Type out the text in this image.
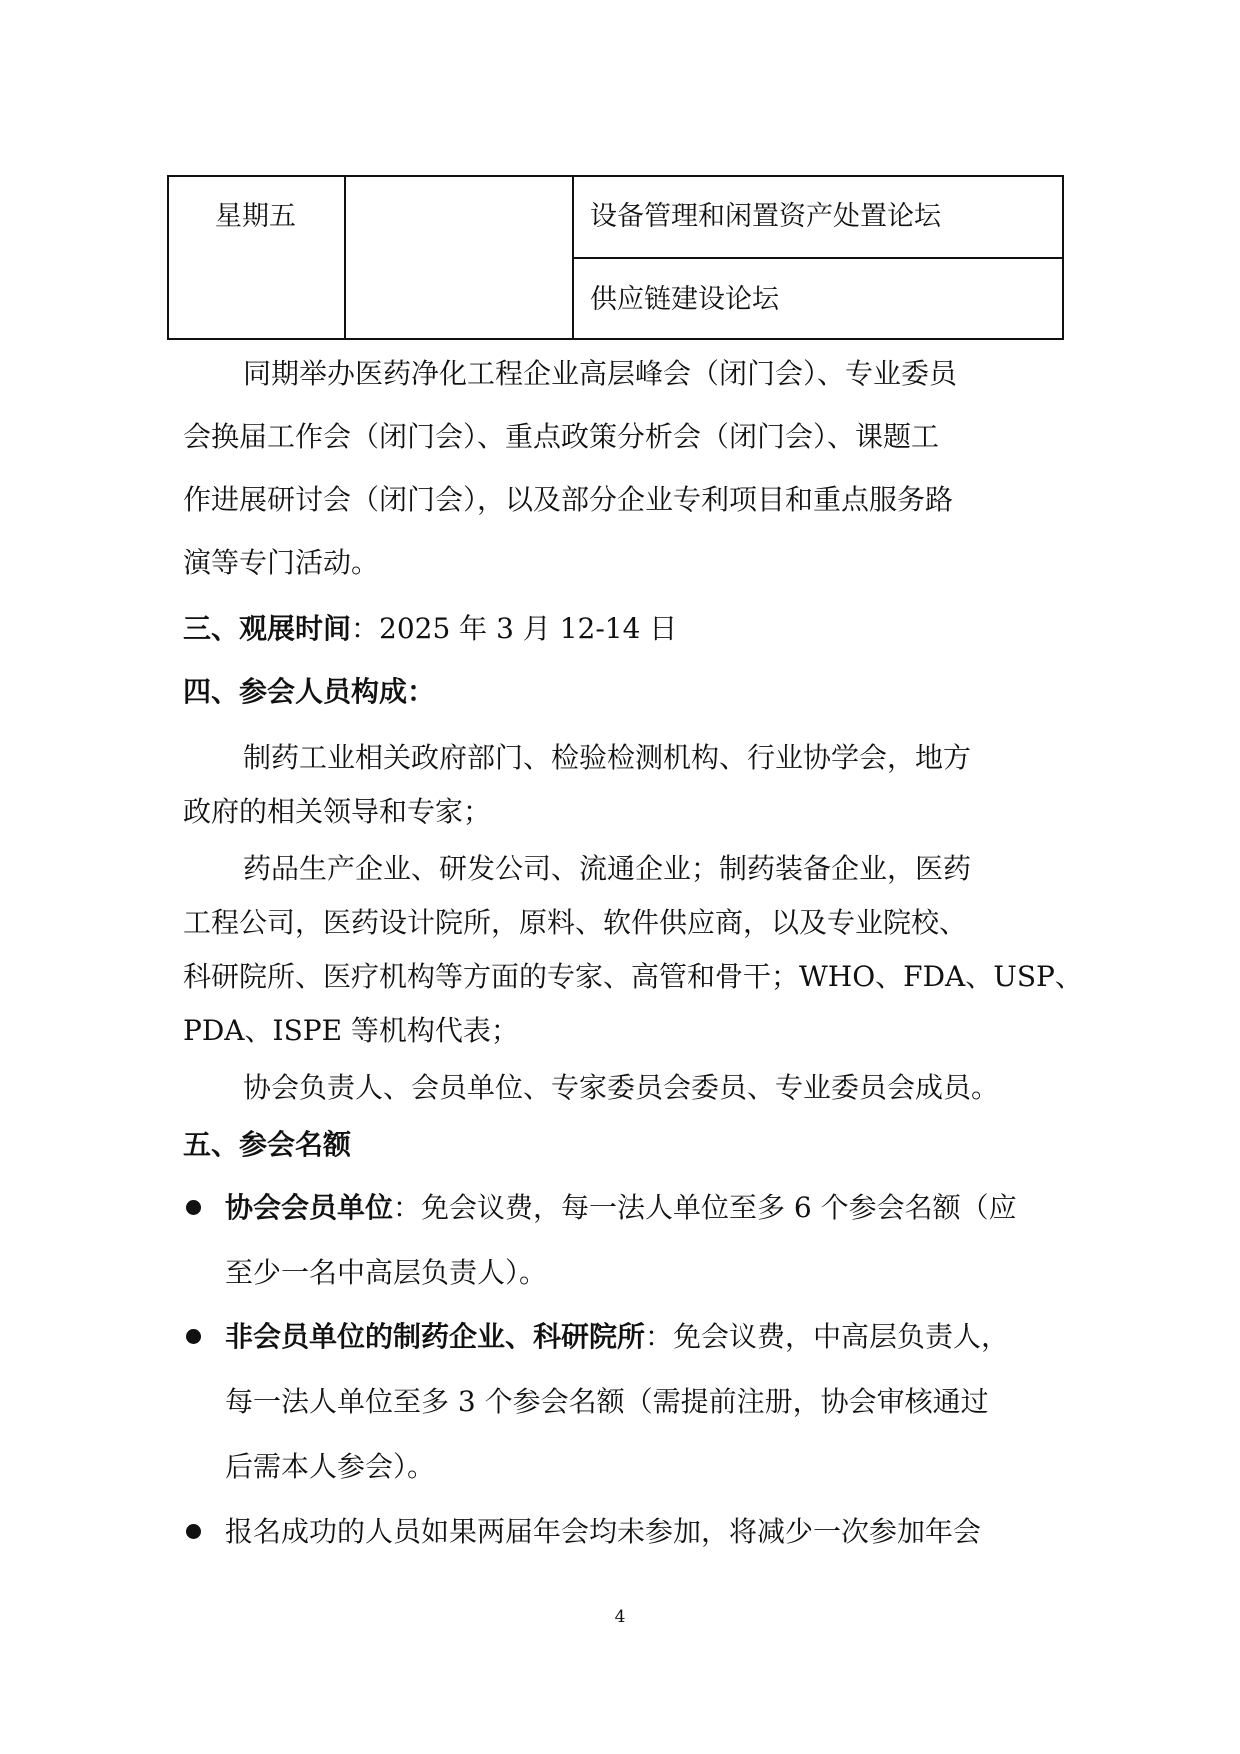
星期五	设备管理和闲置资产处置论坛
供应链建设论坛
同期举办医药净化工程企业高层峰会（闭门会）、专业委员
会换届工作会（闭门会）、重点政策分析会（闭门会）、课题工
作进展研讨会（闭门会），以及部分企业专利项目和重点服务路
演等专门活动。
三、观展时间：2025 年 3 月 12-14 日
四、参会人员构成：
制药工业相关政府部门、检验检测机构、行业协学会，地方
政府的相关领导和专家；
药品生产企业、研发公司、流通企业；制药装备企业，医药
工程公司，医药设计院所，原料、软件供应商，以及专业院校、
科研院所、医疗机构等方面的专家、高管和骨干；WHO、FDA、USP、
PDA、ISPE 等机构代表；
协会负责人、会员单位、专家委员会委员、专业委员会成员。
五、参会名额
协会会员单位：免会议费，每一法人单位至多 6 个参会名额（应
至少一名中高层负责人）。
非会员单位的制药企业、科研院所：免会议费，中高层负责人，
每一法人单位至多 3 个参会名额（需提前注册，协会审核通过
后需本人参会）。
报名成功的人员如果两届年会均未参加，将减少一次参加年会
4
